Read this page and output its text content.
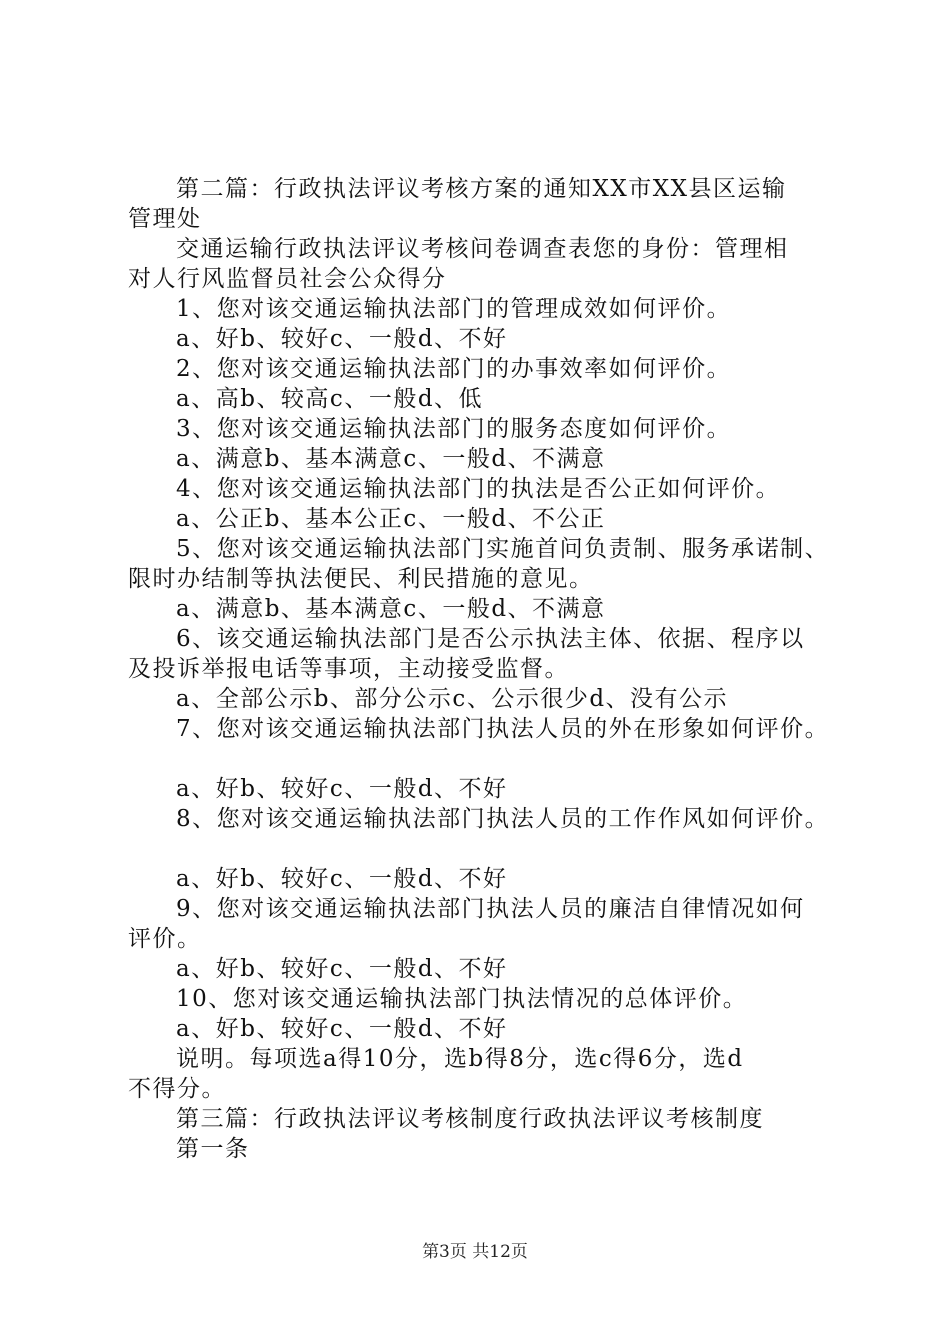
第二篇：行政执法评议考核方案的通知XX市XX县区运输
管理处
交通运输行政执法评议考核问卷调查表您的身份：管理相
对人行风监督员社会公众得分
1、您对该交通运输执法部门的管理成效如何评价。
a、好b、较好c、一般d、不好
2、您对该交通运输执法部门的办事效率如何评价。
a、高b、较高c、一般d、低
3、您对该交通运输执法部门的服务态度如何评价。
a、满意b、基本满意c、一般d、不满意
4、您对该交通运输执法部门的执法是否公正如何评价。
a、公正b、基本公正c、一般d、不公正
5、您对该交通运输执法部门实施首问负责制、服务承诺制、
限时办结制等执法便民、利民措施的意见。
a、满意b、基本满意c、一般d、不满意
6、该交通运输执法部门是否公示执法主体、依据、程序以
及投诉举报电话等事项，主动接受监督。
a、全部公示b、部分公示c、公示很少d、没有公示
7、您对该交通运输执法部门执法人员的外在形象如何评价。
a、好b、较好c、一般d、不好
8、您对该交通运输执法部门执法人员的工作作风如何评价。
a、好b、较好c、一般d、不好
9、您对该交通运输执法部门执法人员的廉洁自律情况如何
评价。
a、好b、较好c、一般d、不好
10、您对该交通运输执法部门执法情况的总体评价。
a、好b、较好c、一般d、不好
说明。每项选a得10分，选b得8分，选c得6分，选d
不得分。
第三篇：行政执法评议考核制度行政执法评议考核制度
第一条
第3页 共12页
